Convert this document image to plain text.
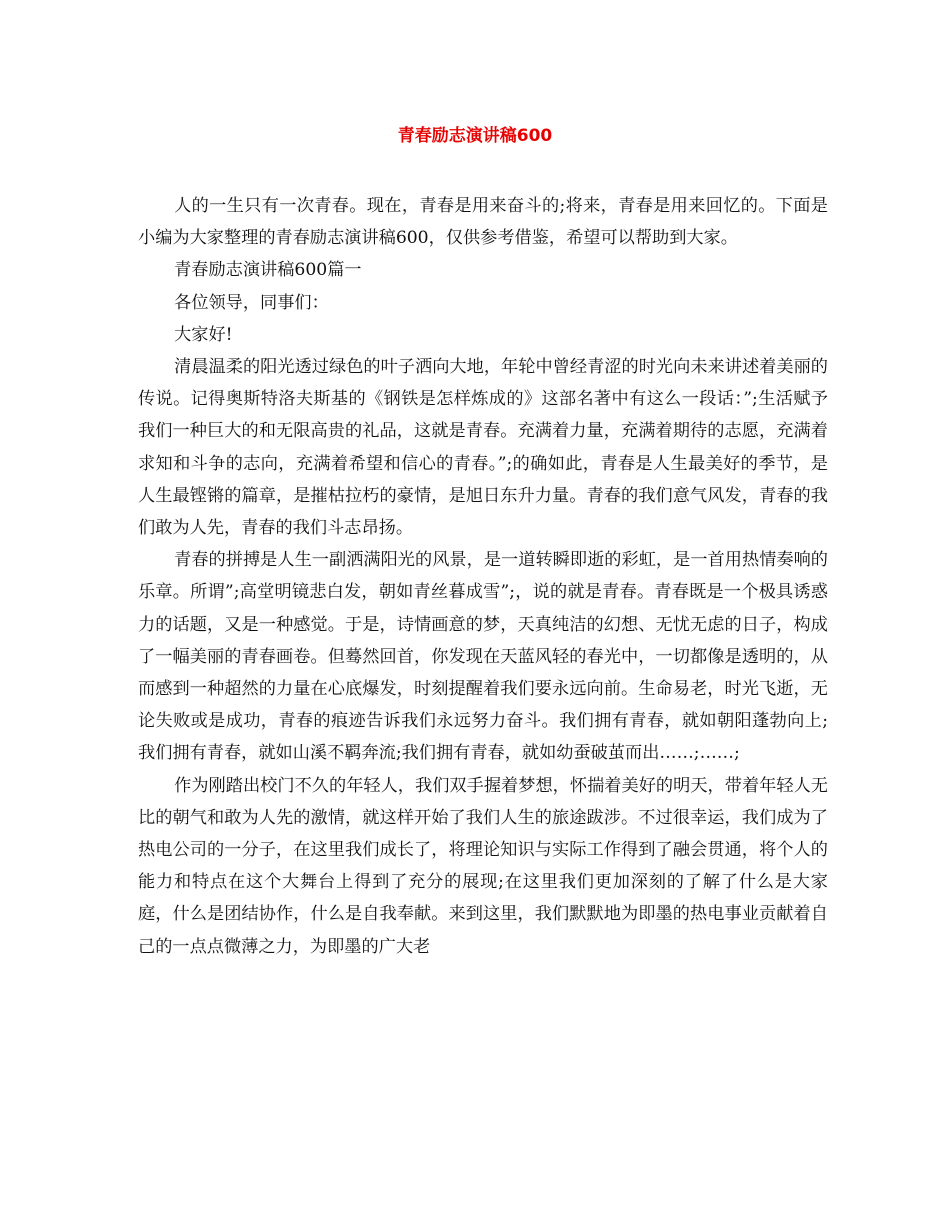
青春励志演讲稿600

人的一生只有一次青春。现在，青春是用来奋斗的;将来，青春是用来回忆的。下面是小编为大家整理的青春励志演讲稿600，仅供参考借鉴，希望可以帮助到大家。

青春励志演讲稿600篇一

各位领导，同事们：

大家好!

清晨温柔的阳光透过绿色的叶子洒向大地，年轮中曾经青涩的时光向未来讲述着美丽的传说。记得奥斯特洛夫斯基的《钢铁是怎样炼成的》这部名著中有这么一段话：”;生活赋予我们一种巨大的和无限高贵的礼品，这就是青春。充满着力量，充满着期待的志愿，充满着求知和斗争的志向，充满着希望和信心的青春。”;的确如此，青春是人生最美好的季节，是人生最铿锵的篇章，是摧枯拉朽的豪情，是旭日东升力量。青春的我们意气风发，青春的我们敢为人先，青春的我们斗志昂扬。

青春的拼搏是人生一副洒满阳光的风景，是一道转瞬即逝的彩虹，是一首用热情奏响的乐章。所谓”;高堂明镜悲白发，朝如青丝暮成雪”;，说的就是青春。青春既是一个极具诱惑力的话题，又是一种感觉。于是，诗情画意的梦，天真纯洁的幻想、无忧无虑的日子，构成了一幅美丽的青春画卷。但蓦然回首，你发现在天蓝风轻的春光中，一切都像是透明的，从而感到一种超然的力量在心底爆发，时刻提醒着我们要永远向前。生命易老，时光飞逝，无论失败或是成功，青春的痕迹告诉我们永远努力奋斗。我们拥有青春，就如朝阳蓬勃向上;我们拥有青春，就如山溪不羁奔流;我们拥有青春，就如幼蚕破茧而出……;……;

作为刚踏出校门不久的年轻人，我们双手握着梦想，怀揣着美好的明天，带着年轻人无比的朝气和敢为人先的激情，就这样开始了我们人生的旅途跋涉。不过很幸运，我们成为了热电公司的一分子，在这里我们成长了，将理论知识与实际工作得到了融会贯通，将个人的能力和特点在这个大舞台上得到了充分的展现;在这里我们更加深刻的了解了什么是大家庭，什么是团结协作，什么是自我奉献。来到这里，我们默默地为即墨的热电事业贡献着自己的一点点微薄之力，为即墨的广大老
